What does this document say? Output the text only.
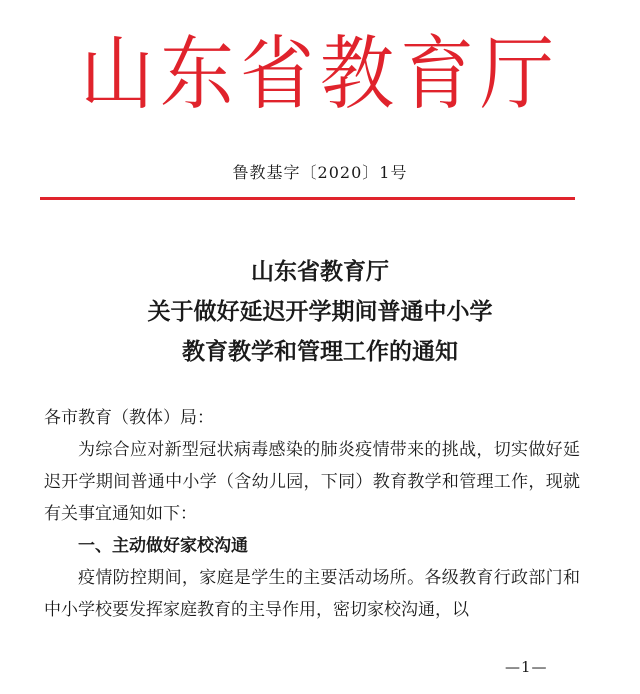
山东省教育厅
鲁教基字〔2020〕1号
山东省教育厅
关于做好延迟开学期间普通中小学
教育教学和管理工作的通知

各市教育（教体）局：

为综合应对新型冠状病毒感染的肺炎疫情带来的挑战，切实做好延迟开学期间普通中小学（含幼儿园，下同）教育教学和管理工作，现就有关事宜通知如下：

一、主动做好家校沟通

疫情防控期间，家庭是学生的主要活动场所。各级教育行政部门和中小学校要发挥家庭教育的主导作用，密切家校沟通，以

—1—
